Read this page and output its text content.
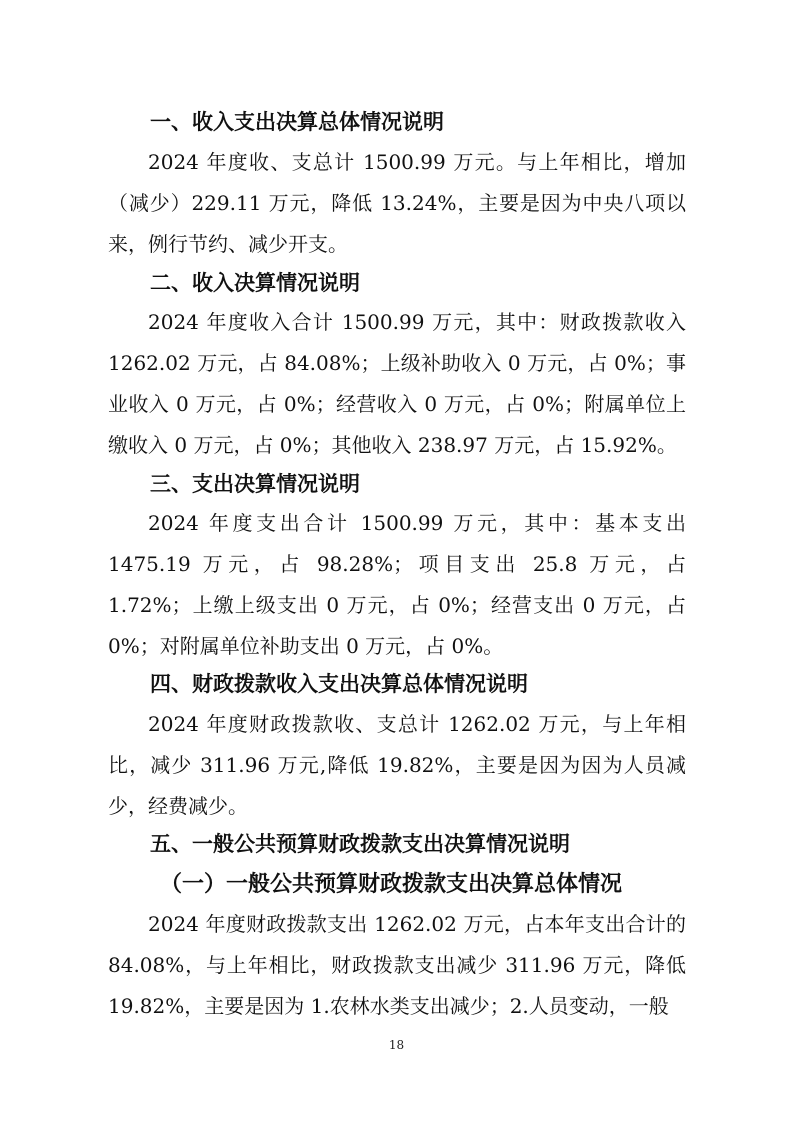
一、收入支出决算总体情况说明

2024 年度收、支总计 1500.99 万元。与上年相比，增加（减少）229.11 万元，降低 13.24%，主要是因为中央八项以来，例行节约、减少开支。

二、收入决算情况说明

2024 年度收入合计 1500.99 万元，其中：财政拨款收入 1262.02 万元，占 84.08%；上级补助收入 0 万元，占 0%；事业收入 0 万元，占 0%；经营收入 0 万元，占 0%；附属单位上缴收入 0 万元，占 0%；其他收入 238.97 万元，占 15.92%。

三、支出决算情况说明

2024 年度支出合计 1500.99 万元，其中：基本支出 1475.19 万元，占 98.28%；项目支出 25.8 万元，占 1.72%；上缴上级支出 0 万元，占 0%；经营支出 0 万元，占 0%；对附属单位补助支出 0 万元，占 0%。

四、财政拨款收入支出决算总体情况说明

2024 年度财政拨款收、支总计 1262.02 万元，与上年相比，减少 311.96 万元,降低 19.82%，主要是因为因为人员减少，经费减少。

五、一般公共预算财政拨款支出决算情况说明
（一）一般公共预算财政拨款支出决算总体情况

2024 年度财政拨款支出 1262.02 万元，占本年支出合计的 84.08%，与上年相比，财政拨款支出减少 311.96 万元，降低 19.82%，主要是因为 1.农林水类支出减少；2.人员变动，一般

18
